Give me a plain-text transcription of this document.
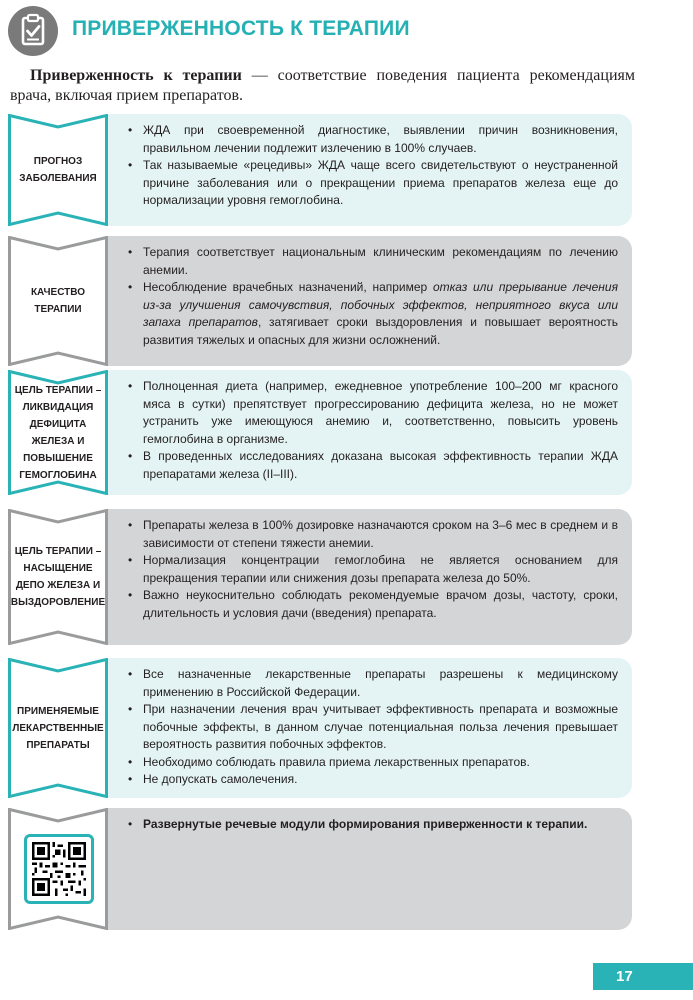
ПРИВЕРЖЕННОСТЬ К ТЕРАПИИ

Приверженность к терапии — соответствие поведения пациента рекомендациям врача, включая прием препаратов.

ПРОГНОЗ ЗАБОЛЕВАНИЯ
• ЖДА при своевременной диагностике, выявлении причин возникновения, правильном лечении подлежит излечению в 100% случаев.
• Так называемые «рецедивы» ЖДА чаще всего свидетельствуют о неустраненной причине заболевания или о прекращении приема препаратов железа еще до нормализации уровня гемоглобина.
КАЧЕСТВО ТЕРАПИИ
• Терапия соответствует национальным клиническим рекомендациям по лечению анемии.
• Несоблюдение врачебных назначений, например отказ или прерывание лечения из-за улучшения самочувствия, побочных эффектов, неприятного вкуса или запаха препаратов, затягивает сроки выздоровления и повышает вероятность развития тяжелых и опасных для жизни осложнений.
ЦЕЛЬ ТЕРАПИИ – ЛИКВИДАЦИЯ ДЕФИЦИТА ЖЕЛЕЗА И ПОВЫШЕНИЕ ГЕМОГЛОБИНА
• Полноценная диета (например, ежедневное употребление 100–200 мг красного мяса в сутки) препятствует прогрессированию дефицита железа, но не может устранить уже имеющуюся анемию и, соответственно, повысить уровень гемоглобина в организме.
• В проведенных исследованиях доказана высокая эффективность терапии ЖДА препаратами железа (II–III).
ЦЕЛЬ ТЕРАПИИ – НАСЫЩЕНИЕ ДЕПО ЖЕЛЕЗА И ВЫЗДОРОВЛЕНИЕ
• Препараты железа в 100% дозировке назначаются сроком на 3–6 мес в среднем и в зависимости от степени тяжести анемии.
• Нормализация концентрации гемоглобина не является основанием для прекращения терапии или снижения дозы препарата железа до 50%.
• Важно неукоснительно соблюдать рекомендуемые врачом дозы, частоту, сроки, длительность и условия дачи (введения) препарата.
ПРИМЕНЯЕМЫЕ ЛЕКАРСТВЕННЫЕ ПРЕПАРАТЫ
• Все назначенные лекарственные препараты разрешены к медицинскому применению в Российской Федерации.
• При назначении лечения врач учитывает эффективность препарата и возможные побочные эффекты, в данном случае потенциальная польза лечения превышает вероятность развития побочных эффектов.
• Необходимо соблюдать правила приема лекарственных препаратов.
• Не допускать самолечения.
• Развернутые речевые модули формирования приверженности к терапии.
17
